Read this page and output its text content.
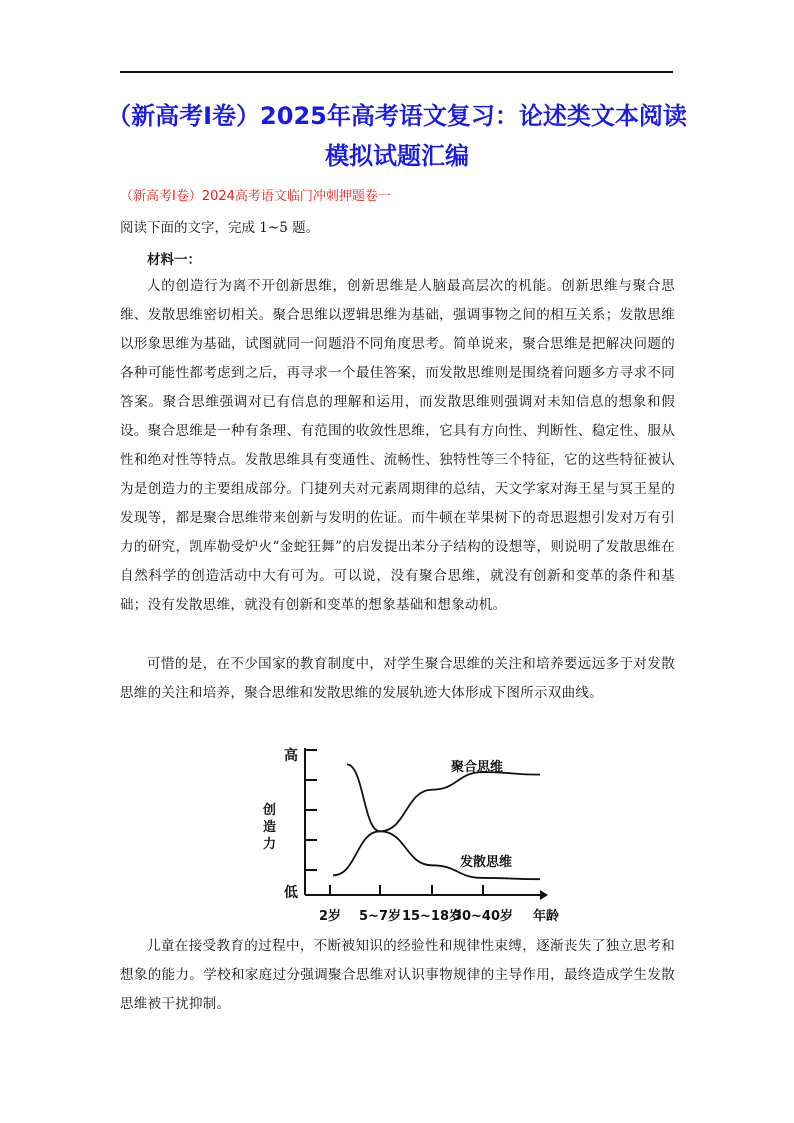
（新高考Ⅰ卷）2025年高考语文复习：论述类文本阅读 模拟试题汇编
（新高考Ⅰ卷）2024高考语文临门冲刺押题卷一
阅读下面的文字，完成 1~5 题。
材料一：
人的创造行为离不开创新思维，创新思维是人脑最高层次的机能。创新思维与聚合思维、发散思维密切相关。聚合思维以逻辑思维为基础，强调事物之间的相互关系；发散思维以形象思维为基础，试图就同一问题沿不同角度思考。简单说来，聚合思维是把解决问题的各种可能性都考虑到之后，再寻求一个最佳答案，而发散思维则是围绕着问题多方寻求不同答案。聚合思维强调对已有信息的理解和运用，而发散思维则强调对未知信息的想象和假设。聚合思维是一种有条理、有范围的收敛性思维，它具有方向性、判断性、稳定性、服从性和绝对性等特点。发散思维具有变通性、流畅性、独特性等三个特征，它的这些特征被认为是创造力的主要组成部分。门捷列夫对元素周期律的总结，天文学家对海王星与冥王星的发现等，都是聚合思维带来创新与发明的佐证。而牛顿在苹果树下的奇思遐想引发对万有引力的研究，凯库勒受炉火“金蛇狂舞”的启发提出苯分子结构的设想等，则说明了发散思维在自然科学的创造活动中大有可为。可以说，没有聚合思维，就没有创新和变革的条件和基础；没有发散思维，就没有创新和变革的想象基础和想象动机。
可惜的是，在不少国家的教育制度中，对学生聚合思维的关注和培养要远远多于对发散思维的关注和培养，聚合思维和发散思维的发展轨迹大体形成下图所示双曲线。
高
低
创 造 力
2岁 5~7岁 15~18岁
30~40岁 年龄
聚合思维
发散思维
儿童在接受教育的过程中，不断被知识的经验性和规律性束缚，逐渐丧失了独立思考和想象的能力。学校和家庭过分强调聚合思维对认识事物规律的主导作用，最终造成学生发散思维被干扰抑制。
